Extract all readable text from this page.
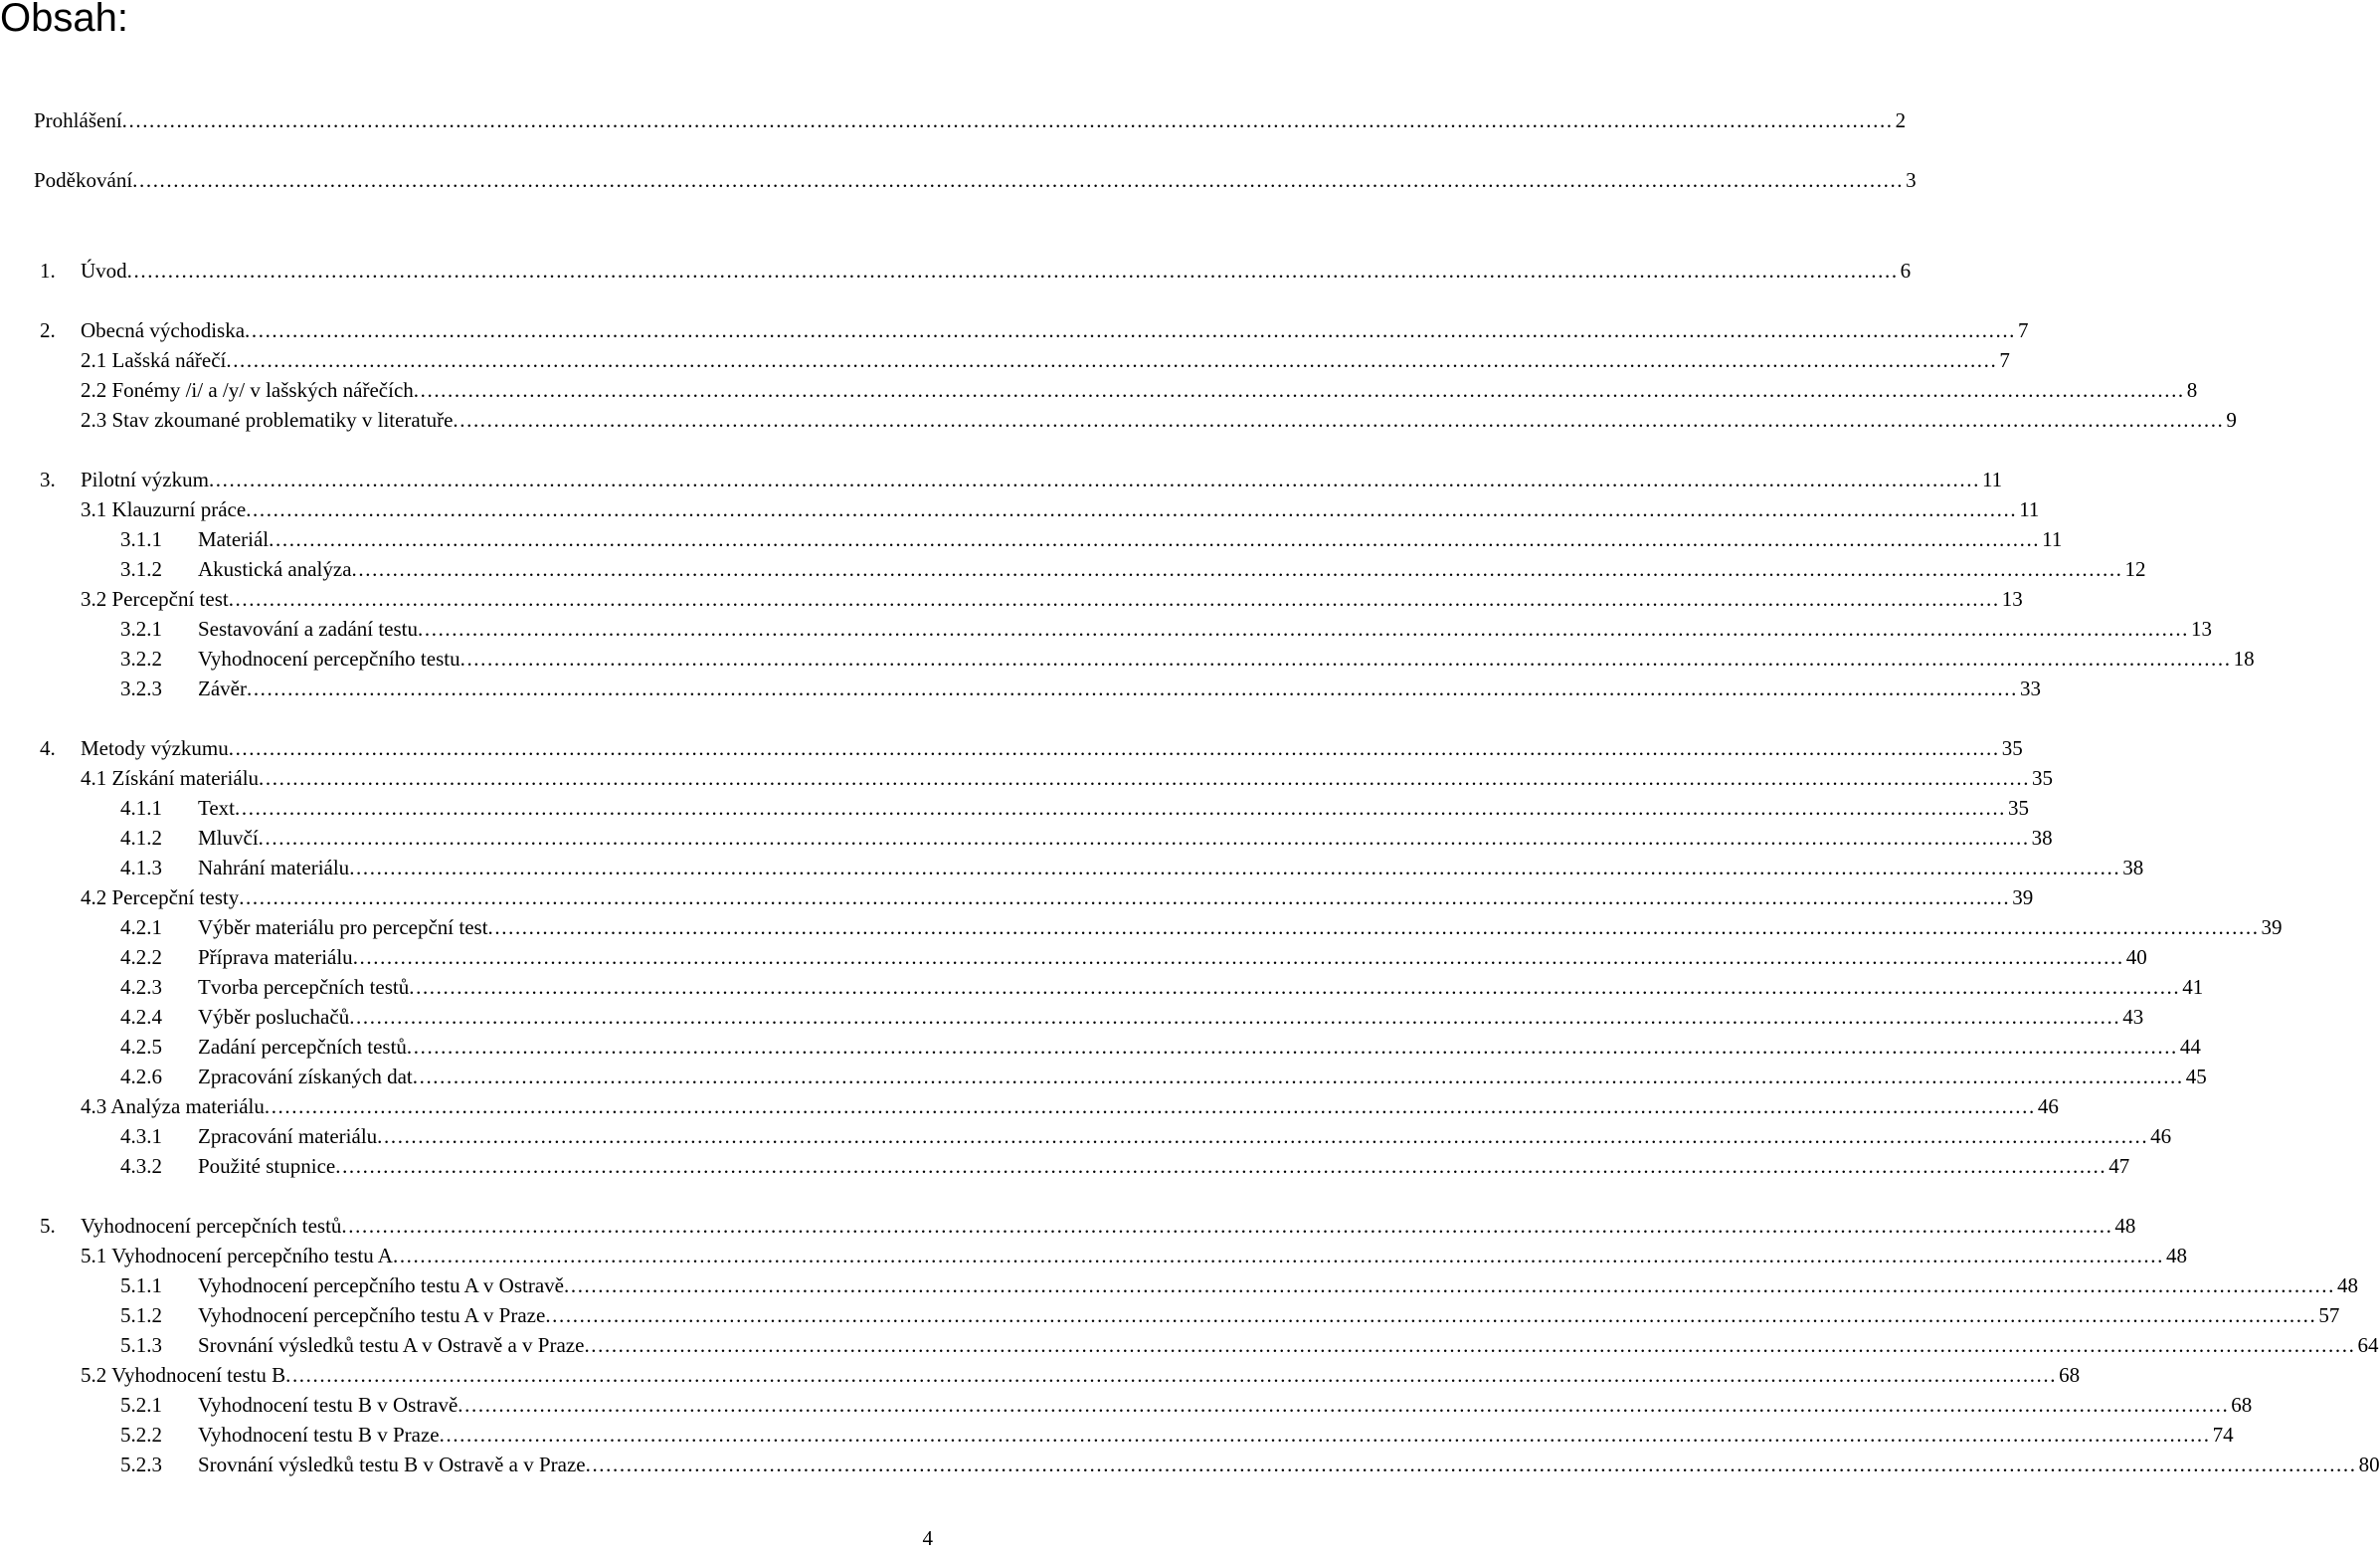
Obsah:
Prohlášení .................................................................................................................................................................................................................................................................... 2
Poděkování .................................................................................................................................................................................................................................................................... 3
1. Úvod .................................................................................................................................................................................................................................................................... 6
2. Obecná východiska .................................................................................................................................................................................................................................................................... 7
2.1 Lašská nářečí .................................................................................................................................................................................................................................................................... 7
2.2 Fonémy /i/ a /y/ v lašských nářečích .................................................................................................................................................................................................................................................................... 8
2.3 Stav zkoumané problematiky v literatuře .................................................................................................................................................................................................................................................................... 9
3. Pilotní výzkum .................................................................................................................................................................................................................................................................... 11
3.1 Klauzurní práce .................................................................................................................................................................................................................................................................... 11
3.1.1 Materiál .................................................................................................................................................................................................................................................................... 11
3.1.2 Akustická analýza .................................................................................................................................................................................................................................................................... 12
3.2 Percepční test .................................................................................................................................................................................................................................................................... 13
3.2.1 Sestavování a zadání testu .................................................................................................................................................................................................................................................................... 13
3.2.2 Vyhodnocení percepčního testu .................................................................................................................................................................................................................................................................... 18
3.2.3 Závěr .................................................................................................................................................................................................................................................................... 33
4. Metody výzkumu .................................................................................................................................................................................................................................................................... 35
4.1 Získání materiálu .................................................................................................................................................................................................................................................................... 35
4.1.1 Text .................................................................................................................................................................................................................................................................... 35
4.1.2 Mluvčí .................................................................................................................................................................................................................................................................... 38
4.1.3 Nahrání materiálu .................................................................................................................................................................................................................................................................... 38
4.2 Percepční testy .................................................................................................................................................................................................................................................................... 39
4.2.1 Výběr materiálu pro percepční test .................................................................................................................................................................................................................................................................... 39
4.2.2 Příprava materiálu .................................................................................................................................................................................................................................................................... 40
4.2.3 Tvorba percepčních testů .................................................................................................................................................................................................................................................................... 41
4.2.4 Výběr posluchačů .................................................................................................................................................................................................................................................................... 43
4.2.5 Zadání percepčních testů .................................................................................................................................................................................................................................................................... 44
4.2.6 Zpracování získaných dat .................................................................................................................................................................................................................................................................... 45
4.3 Analýza materiálu .................................................................................................................................................................................................................................................................... 46
4.3.1 Zpracování materiálu .................................................................................................................................................................................................................................................................... 46
4.3.2 Použité stupnice .................................................................................................................................................................................................................................................................... 47
5. Vyhodnocení percepčních testů .................................................................................................................................................................................................................................................................... 48
5.1 Vyhodnocení percepčního testu A .................................................................................................................................................................................................................................................................... 48
5.1.1 Vyhodnocení percepčního testu A v Ostravě .................................................................................................................................................................................................................................................................... 48
5.1.2 Vyhodnocení percepčního testu A v Praze .................................................................................................................................................................................................................................................................... 57
5.1.3 Srovnání výsledků testu A v Ostravě a v Praze .................................................................................................................................................................................................................................................................... 64
5.2 Vyhodnocení testu B .................................................................................................................................................................................................................................................................... 68
5.2.1 Vyhodnocení testu B v Ostravě .................................................................................................................................................................................................................................................................... 68
5.2.2 Vyhodnocení testu B v Praze .................................................................................................................................................................................................................................................................... 74
5.2.3 Srovnání výsledků testu B v Ostravě a v Praze .................................................................................................................................................................................................................................................................... 80
4
